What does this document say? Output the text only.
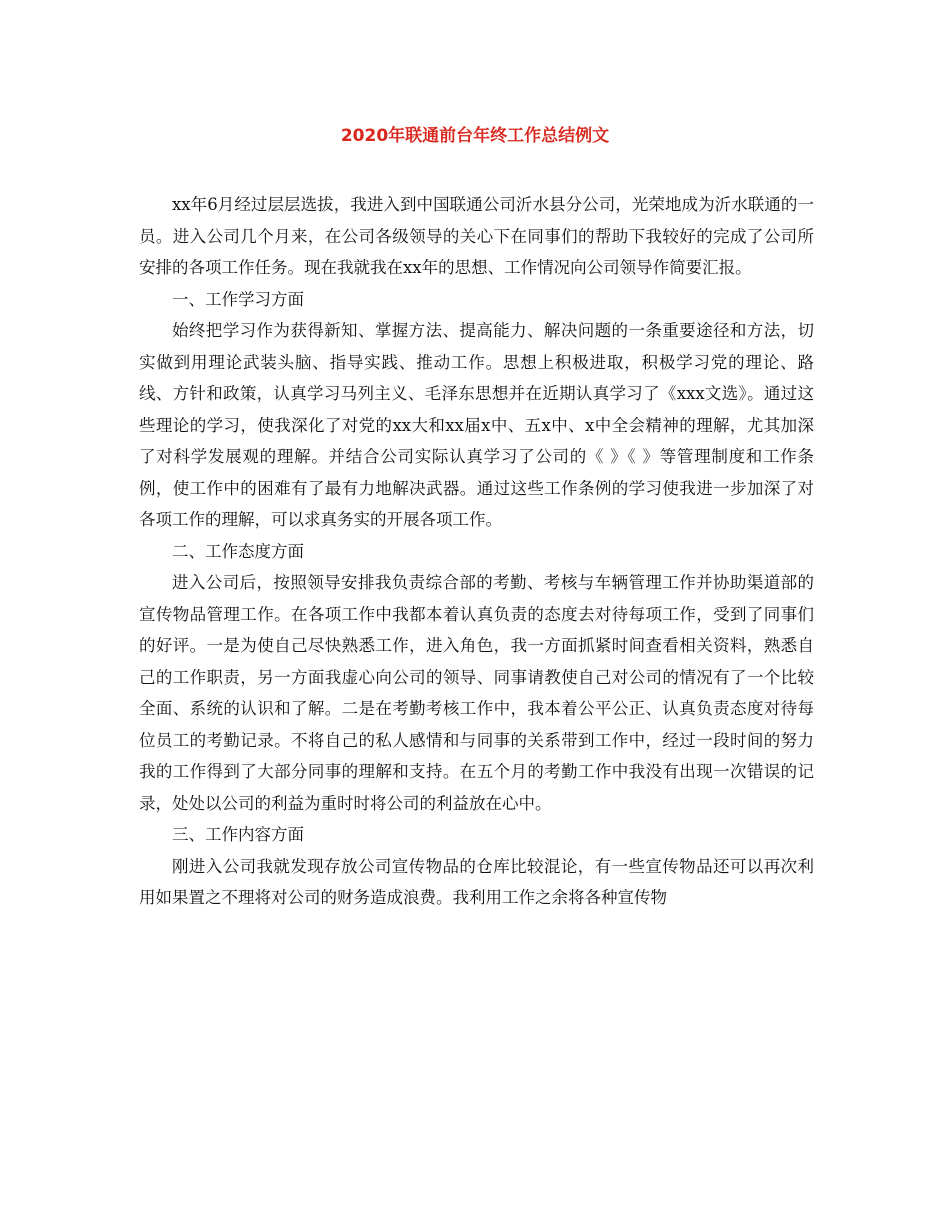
2020年联通前台年终工作总结例文

xx年6月经过层层选拔，我进入到中国联通公司沂水县分公司，光荣地成为沂水联通的一员。进入公司几个月来，在公司各级领导的关心下在同事们的帮助下我较好的完成了公司所安排的各项工作任务。现在我就我在xx年的思想、工作情况向公司领导作简要汇报。

一、工作学习方面

始终把学习作为获得新知、掌握方法、提高能力、解决问题的一条重要途径和方法，切实做到用理论武装头脑、指导实践、推动工作。思想上积极进取，积极学习党的理论、路线、方针和政策，认真学习马列主义、毛泽东思想并在近期认真学习了《xxx文选》。通过这些理论的学习，使我深化了对党的xx大和xx届x中、五x中、x中全会精神的理解，尤其加深了对科学发展观的理解。并结合公司实际认真学习了公司的《 》《 》等管理制度和工作条例，使工作中的困难有了最有力地解决武器。通过这些工作条例的学习使我进一步加深了对各项工作的理解，可以求真务实的开展各项工作。

二、工作态度方面

进入公司后，按照领导安排我负责综合部的考勤、考核与车辆管理工作并协助渠道部的宣传物品管理工作。在各项工作中我都本着认真负责的态度去对待每项工作，受到了同事们的好评。一是为使自己尽快熟悉工作，进入角色，我一方面抓紧时间查看相关资料，熟悉自己的工作职责，另一方面我虚心向公司的领导、同事请教使自己对公司的情况有了一个比较全面、系统的认识和了解。二是在考勤考核工作中，我本着公平公正、认真负责态度对待每位员工的考勤记录。不将自己的私人感情和与同事的关系带到工作中，经过一段时间的努力我的工作得到了大部分同事的理解和支持。在五个月的考勤工作中我没有出现一次错误的记录，处处以公司的利益为重时时将公司的利益放在心中。

三、工作内容方面

刚进入公司我就发现存放公司宣传物品的仓库比较混论，有一些宣传物品还可以再次利用如果置之不理将对公司的财务造成浪费。我利用工作之余将各种宣传物
